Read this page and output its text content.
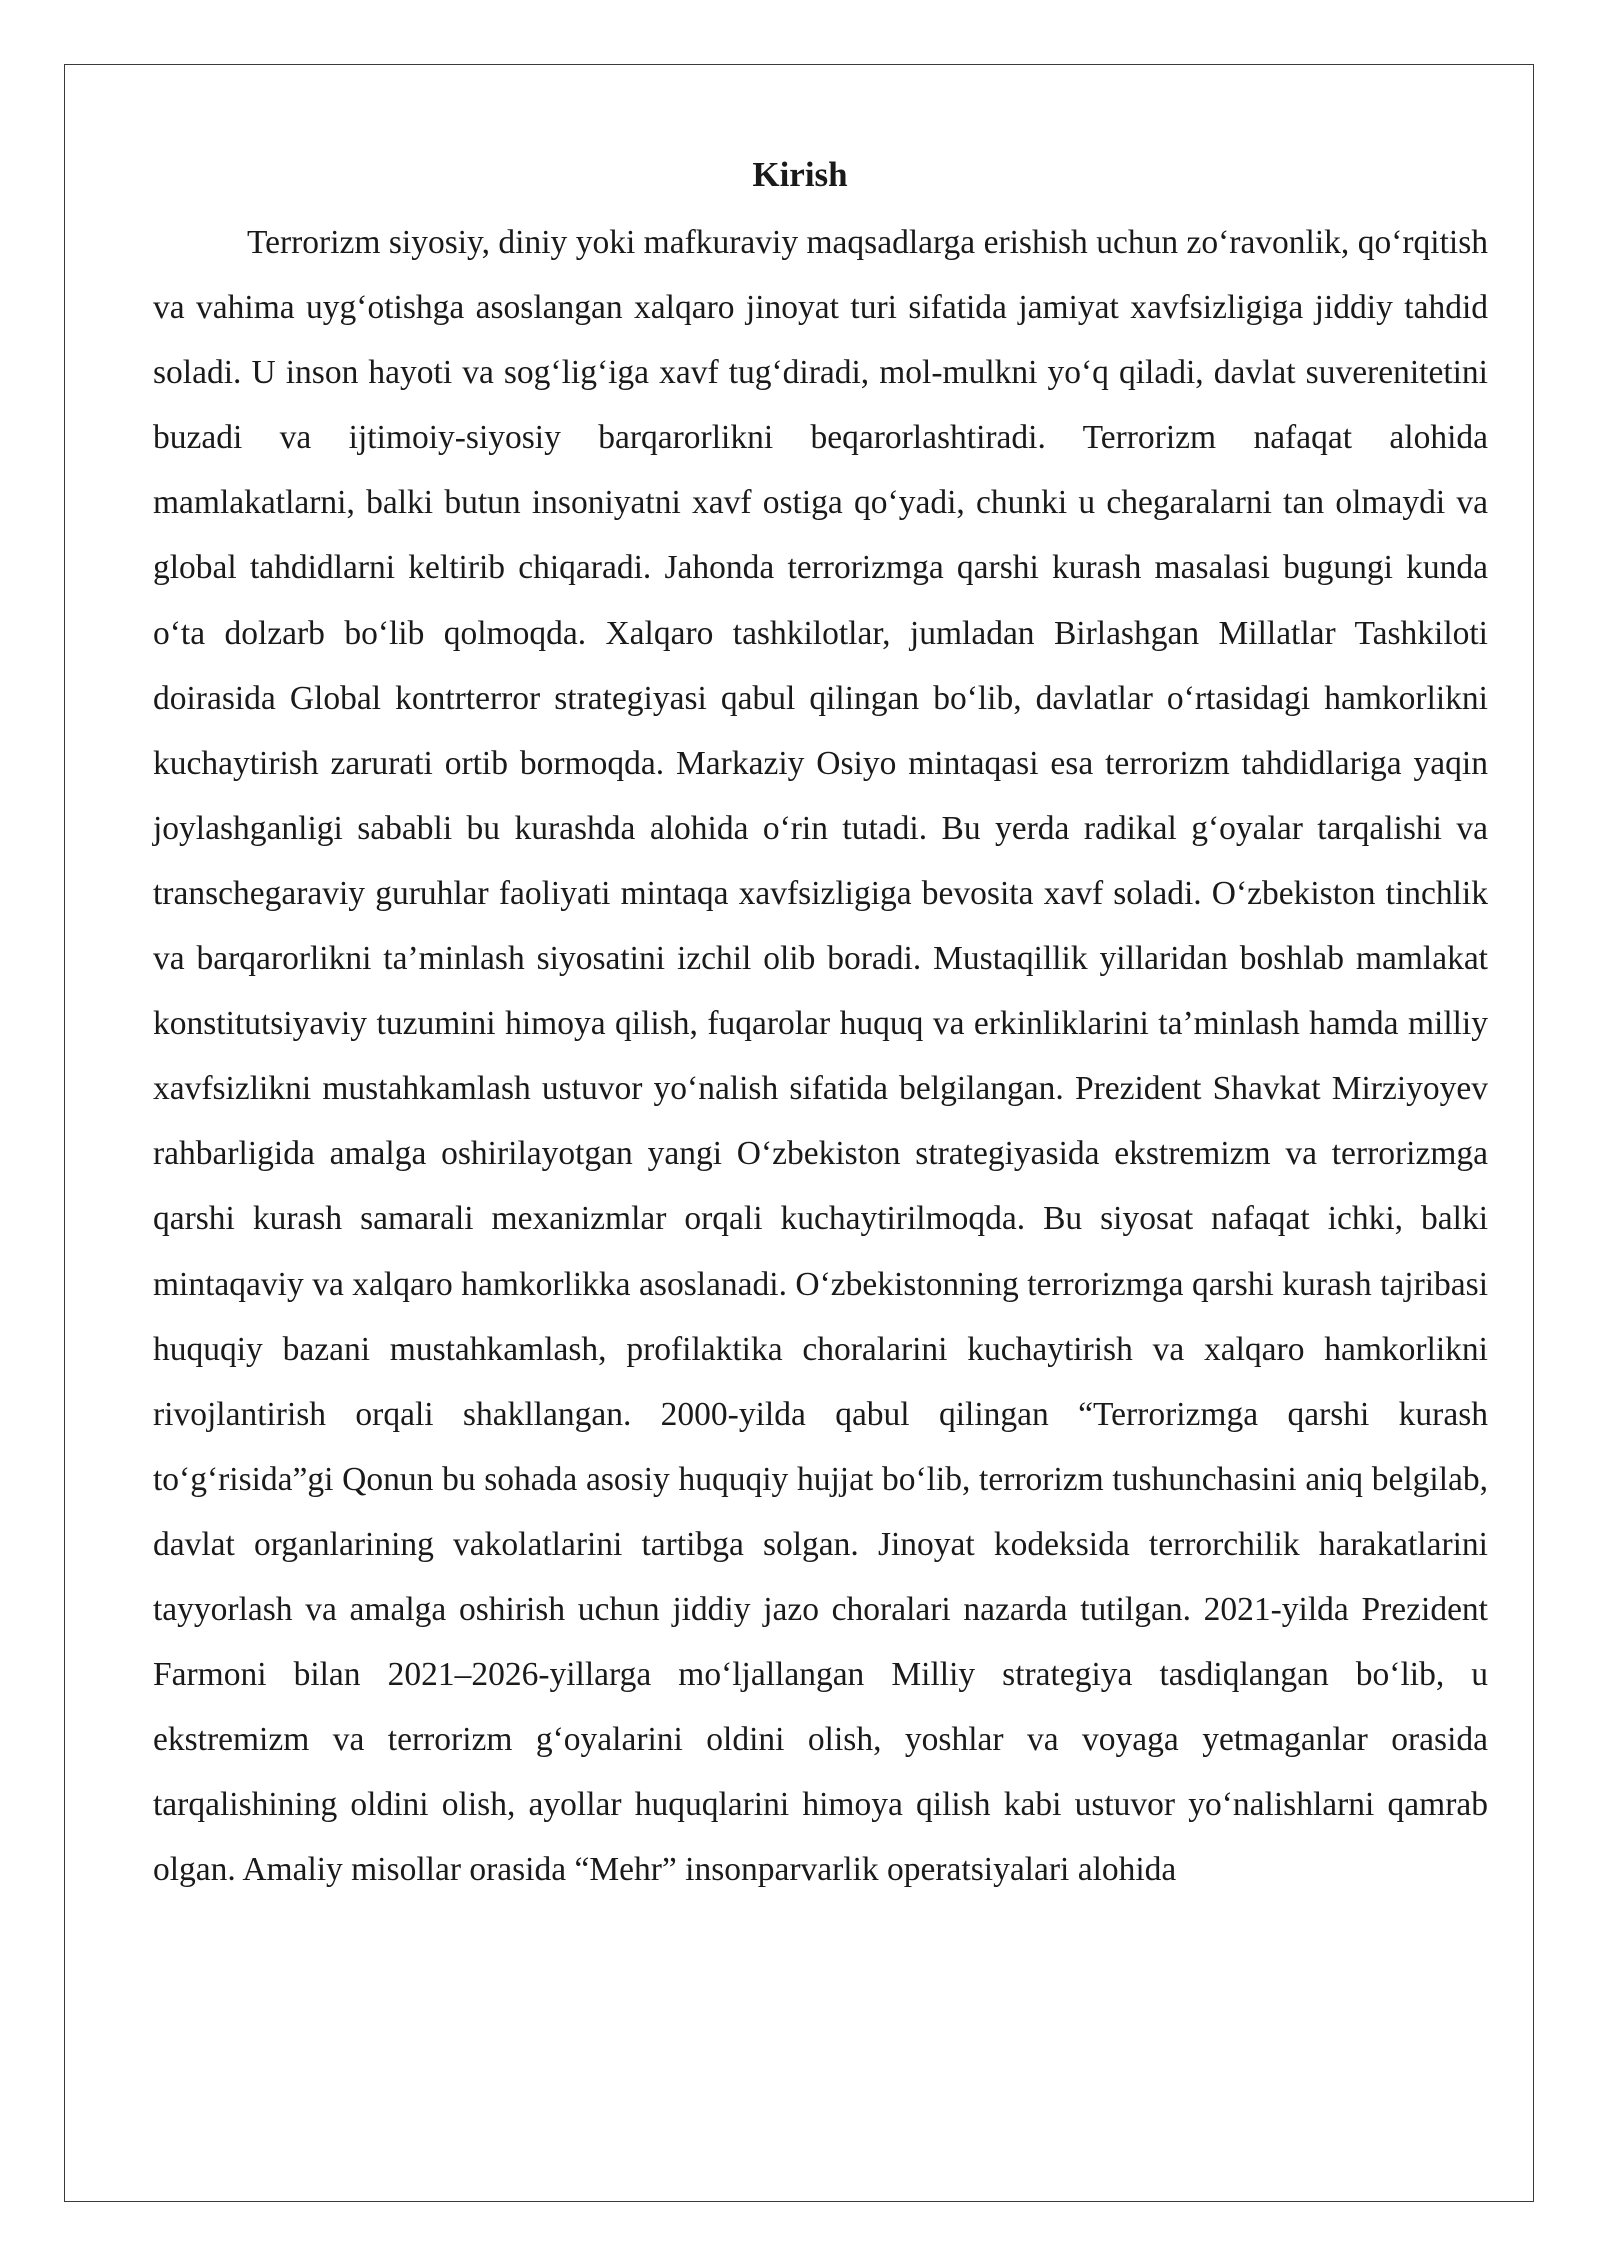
Kirish

Terrorizm siyosiy, diniy yoki mafkuraviy maqsadlarga erishish uchun zo‘ravonlik, qo‘rqitish va vahima uyg‘otishga asoslangan xalqaro jinoyat turi sifatida jamiyat xavfsizligiga jiddiy tahdid soladi. U inson hayoti va sog‘lig‘iga xavf tug‘diradi, mol-mulkni yo‘q qiladi, davlat suverenitetini buzadi va ijtimoiy-siyosiy barqarorlikni beqarorlashtiradi. Terrorizm nafaqat alohida mamlakatlarni, balki butun insoniyatni xavf ostiga qo‘yadi, chunki u chegaralarni tan olmaydi va global tahdidlarni keltirib chiqaradi. Jahonda terrorizmga qarshi kurash masalasi bugungi kunda o‘ta dolzarb bo‘lib qolmoqda. Xalqaro tashkilotlar, jumladan Birlashgan Millatlar Tashkiloti doirasida Global kontrterror strategiyasi qabul qilingan bo‘lib, davlatlar o‘rtasidagi hamkorlikni kuchaytirish zarurati ortib bormoqda. Markaziy Osiyo mintaqasi esa terrorizm tahdidlariga yaqin joylashganligi sababli bu kurashda alohida o‘rin tutadi. Bu yerda radikal g‘oyalar tarqalishi va transchegaraviy guruhlar faoliyati mintaqa xavfsizligiga bevosita xavf soladi. O‘zbekiston tinchlik va barqarorlikni ta’minlash siyosatini izchil olib boradi. Mustaqillik yillaridan boshlab mamlakat konstitutsiyaviy tuzumini himoya qilish, fuqarolar huquq va erkinliklarini ta’minlash hamda milliy xavfsizlikni mustahkamlash ustuvor yo‘nalish sifatida belgilangan. Prezident Shavkat Mirziyoyev rahbarligida amalga oshirilayotgan yangi O‘zbekiston strategiyasida ekstremizm va terrorizmga qarshi kurash samarali mexanizmlar orqali kuchaytirilmoqda. Bu siyosat nafaqat ichki, balki mintaqaviy va xalqaro hamkorlikka asoslanadi. O‘zbekistonning terrorizmga qarshi kurash tajribasi huquqiy bazani mustahkamlash, profilaktika choralarini kuchaytirish va xalqaro hamkorlikni rivojlantirish orqali shakllangan. 2000-yilda qabul qilingan “Terrorizmga qarshi kurash to‘g‘risida”gi Qonun bu sohada asosiy huquqiy hujjat bo‘lib, terrorizm tushunchasini aniq belgilab, davlat organlarining vakolatlarini tartibga solgan. Jinoyat kodeksida terrorchilik harakatlarini tayyorlash va amalga oshirish uchun jiddiy jazo choralari nazarda tutilgan. 2021-yilda Prezident Farmoni bilan 2021–2026-yillarga mo‘ljallangan Milliy strategiya tasdiqlangan bo‘lib, u ekstremizm va terrorizm g‘oyalarini oldini olish, yoshlar va voyaga yetmaganlar orasida tarqalishining oldini olish, ayollar huquqlarini himoya qilish kabi ustuvor yo‘nalishlarni qamrab olgan. Amaliy misollar orasida “Mehr” insonparvarlik operatsiyalari alohida
